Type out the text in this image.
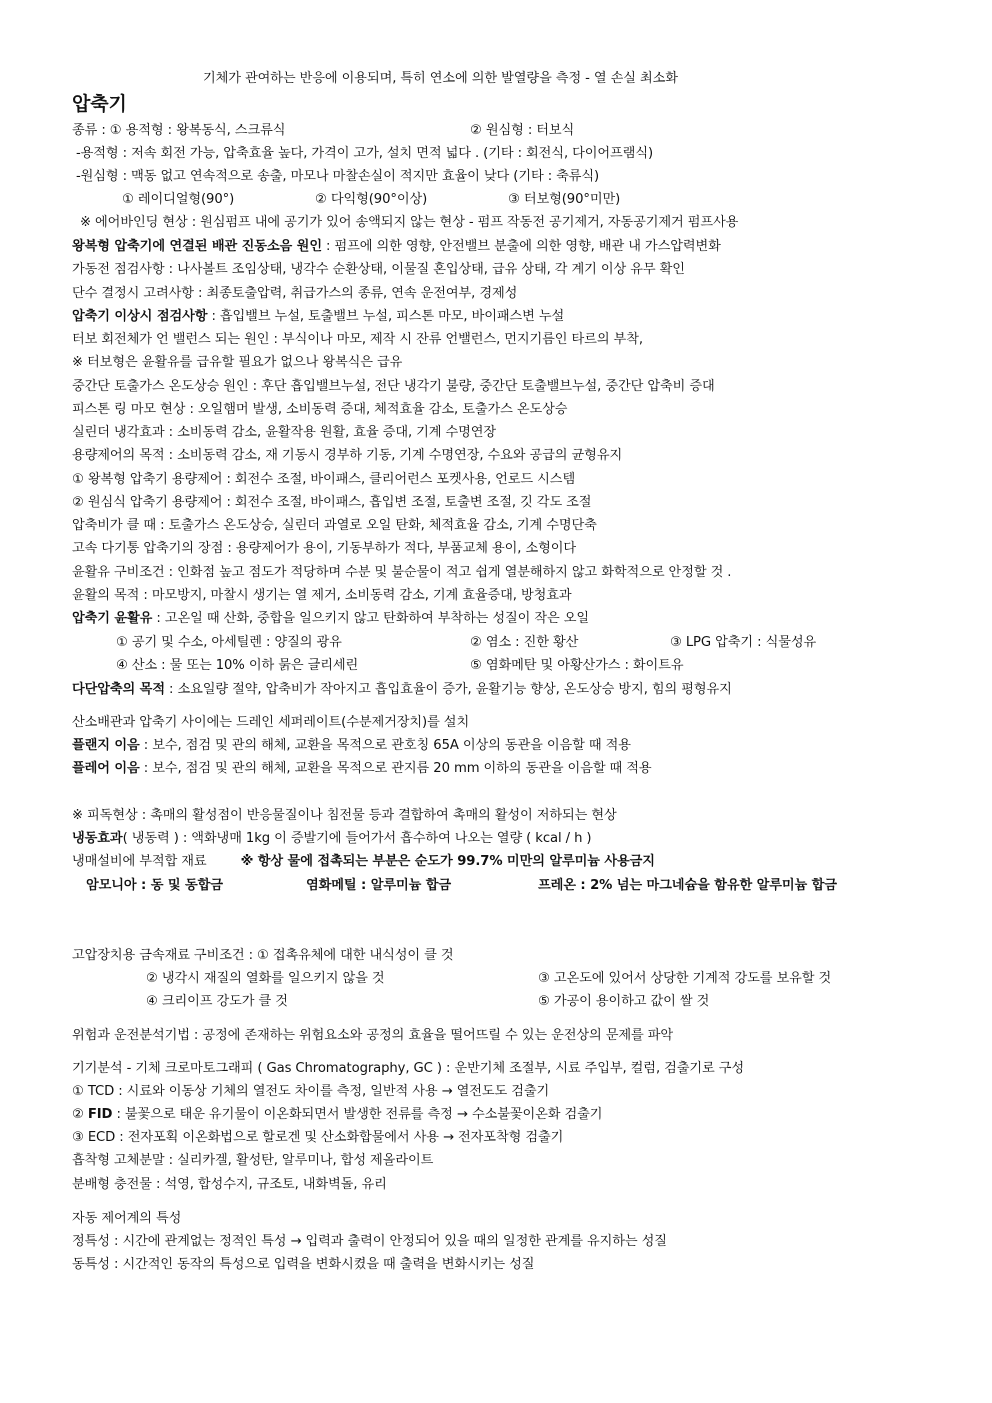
기체가 관여하는 반응에 이용되며, 특히 연소에 의한 발열량을 측정 - 열 손실 최소화
압축기
종류 : ① 용적형 : 왕복동식, 스크류식	② 원심형 : 터보식
-용적형 : 저속 회전 가능, 압축효율 높다, 가격이 고가, 설치 면적 넓다 . (기타 : 회전식, 다이어프램식)
-원심형 : 맥동 없고 연속적으로 송출, 마모나 마찰손실이 적지만 효율이 낮다 (기타 : 축류식)
① 레이디얼형(90°)	② 다익형(90°이상)	③ 터보형(90°미만)
※ 에어바인딩 현상 : 원심펌프 내에 공기가 있어 송액되지 않는 현상 - 펌프 작동전 공기제거, 자동공기제거 펌프사용
왕복형 압축기에 연결된 배관 진동소음 원인 : 펌프에 의한 영향, 안전밸브 분출에 의한 영향, 배관 내 가스압력변화
가동전 점검사항 : 나사볼트 조임상태, 냉각수 순환상태, 이물질 혼입상태, 급유 상태, 각 계기 이상 유무 확인
단수 결정시 고려사항 : 최종토출압력, 취급가스의 종류, 연속 운전여부, 경제성
압축기 이상시 점검사항 : 흡입밸브 누설, 토출밸브 누설, 피스톤 마모, 바이패스변 누설
터보 회전체가 언 밸런스 되는 원인 : 부식이나 마모, 제작 시 잔류 언밸런스, 먼지기름인 타르의 부착,
※ 터보형은 윤활유를 급유할 필요가 없으나 왕복식은 급유
중간단 토출가스 온도상승 원인 : 후단 흡입밸브누설, 전단 냉각기 불량, 중간단 토출밸브누설, 중간단 압축비 증대
피스톤 링 마모 현상 : 오일햄머 발생, 소비동력 증대, 체적효율 감소, 토출가스 온도상승
실린더 냉각효과 : 소비동력 감소, 윤활작용 원활, 효율 증대, 기계 수명연장
용량제어의 목적 : 소비동력 감소, 재 기동시 경부하 기동, 기계 수명연장, 수요와 공급의 균형유지
① 왕복형 압축기 용량제어 : 회전수 조절, 바이패스, 클리어런스 포켓사용, 언로드 시스템
② 원심식 압축기 용량제어 : 회전수 조절, 바이패스, 흡입변 조절, 토출변 조절, 깃 각도 조절
압축비가 클 때 : 토출가스 온도상승, 실린더 과열로 오일 탄화, 체적효율 감소, 기계 수명단축
고속 다기통 압축기의 장점 : 용량제어가 용이, 기동부하가 적다, 부품교체 용이, 소형이다
윤활유 구비조건 : 인화점 높고 점도가 적당하며 수분 및 불순물이 적고 쉽게 열분해하지 않고 화학적으로 안정할 것 .
윤활의 목적 : 마모방지, 마찰시 생기는 열 제거, 소비동력 감소, 기계 효율증대, 방청효과
압축기 윤활유 : 고온일 때 산화, 중합을 일으키지 않고 탄화하여 부착하는 성질이 작은 오일
① 공기 및 수소, 아세틸렌 : 양질의 광유	② 염소 : 진한 황산	③ LPG 압축기 : 식물성유
④ 산소 : 물 또는 10% 이하 묽은 글리세린	⑤ 염화메탄 및 아황산가스 : 화이트유
다단압축의 목적 : 소요일량 절약, 압축비가 작아지고 흡입효율이 증가, 윤활기능 향상, 온도상승 방지, 힘의 평형유지
산소배관과 압축기 사이에는 드레인 세퍼레이트(수분제거장치)를 설치
플랜지 이음 : 보수, 점검 및 관의 해체, 교환을 목적으로 관호칭 65A 이상의 동관을 이음할 때 적용
플레어 이음 : 보수, 점검 및 관의 해체, 교환을 목적으로 관지름 20 mm 이하의 동관을 이음할 때 적용
※ 피독현상 : 촉매의 활성점이 반응물질이나 침전물 등과 결합하여 촉매의 활성이 저하되는 현상
냉동효과( 냉동력 ) : 액화냉매 1kg 이 증발기에 들어가서 흡수하여 나오는 열량 ( kcal / h )
냉매설비에 부적합 재료	※ 항상 물에 접촉되는 부분은 순도가 99.7% 미만의 알루미늄 사용금지
암모니아 : 동 및 동합금	염화메틸 : 알루미늄 합금	프레온 : 2% 넘는 마그네슘을 함유한 알루미늄 합금
고압장치용 금속재료 구비조건 : ① 접촉유체에 대한 내식성이 클 것
② 냉각시 재질의 열화를 일으키지 않을 것	③ 고온도에 있어서 상당한 기계적 강도를 보유할 것
④ 크리이프 강도가 클 것	⑤ 가공이 용이하고 값이 쌀 것
위험과 운전분석기법 : 공정에 존재하는 위험요소와 공정의 효율을 떨어뜨릴 수 있는 운전상의 문제를 파악
기기분석 - 기체 크로마토그래피 ( Gas Chromatography, GC ) : 운반기체 조절부, 시료 주입부, 컬럼, 검출기로 구성
① TCD : 시료와 이동상 기체의 열전도 차이를 측정, 일반적 사용 → 열전도도 검출기
② FID : 불꽃으로 태운 유기물이 이온화되면서 발생한 전류를 측정 → 수소불꽃이온화 검출기
③ ECD : 전자포획 이온화법으로 할로겐 및 산소화합물에서 사용 → 전자포착형 검출기
흡착형 고체분말 : 실리카겔, 활성탄, 알루미나, 합성 제올라이트
분배형 충전물 : 석영, 합성수지, 규조토, 내화벽돌, 유리
자동 제어계의 특성
정특성 : 시간에 관계없는 정적인 특성 → 입력과 출력이 안정되어 있을 때의 일정한 관계를 유지하는 성질
동특성 : 시간적인 동작의 특성으로 입력을 변화시켰을 때 출력을 변화시키는 성질
